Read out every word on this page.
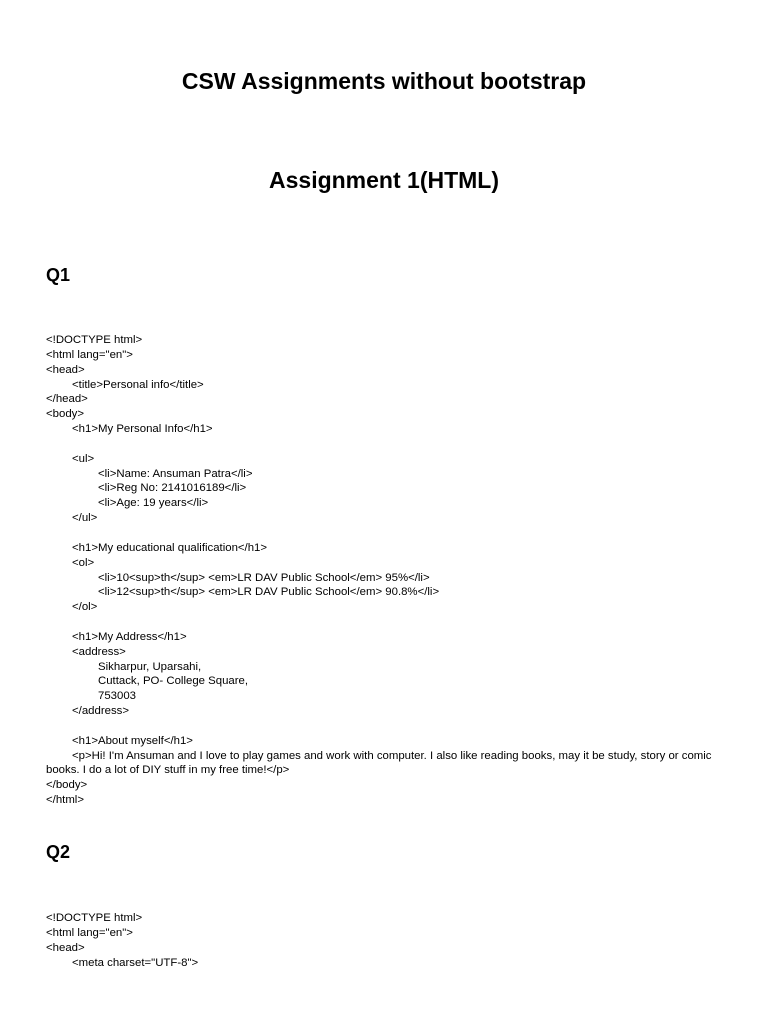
CSW Assignments without bootstrap
Assignment 1(HTML)
Q1
<!DOCTYPE html>
<html lang="en">
<head>
<title>Personal info</title>
</head>
<body>
<h1>My Personal Info</h1>
<ul>
<li>Name: Ansuman Patra</li>
<li>Reg No: 2141016189</li>
<li>Age: 19 years</li>
</ul>
<h1>My educational qualification</h1>
<ol>
<li>10<sup>th</sup> <em>LR DAV Public School</em> 95%</li>
<li>12<sup>th</sup> <em>LR DAV Public School</em> 90.8%</li>
</ol>
<h1>My Address</h1>
<address>
Sikharpur, Uparsahi,
Cuttack, PO- College Square,
753003
</address>
<h1>About myself</h1>
<p>Hi! I'm Ansuman and I love to play games and work with computer. I also like reading books, may it be study, story or comic books. I do a lot of DIY stuff in my free time!</p>
</body>
</html>
Q2
<!DOCTYPE html>
<html lang="en">
<head>
<meta charset="UTF-8">
